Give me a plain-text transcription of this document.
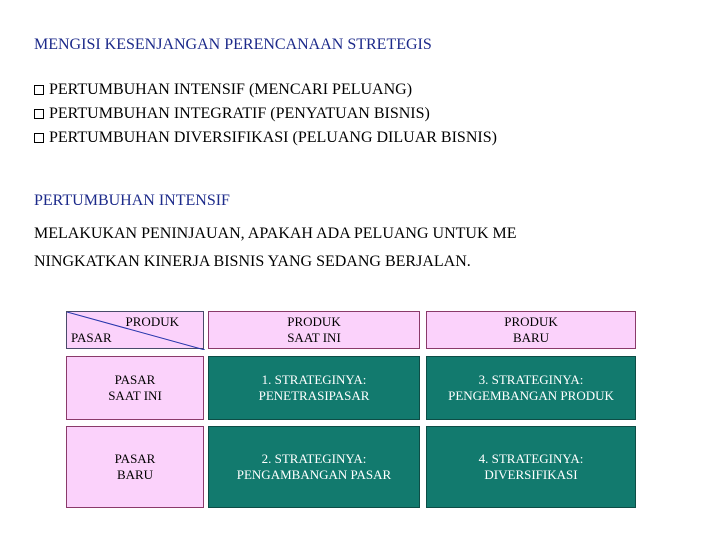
MENGISI KESENJANGAN PERENCANAAN STRETEGIS
PERTUMBUHAN INTENSIF (MENCARI PELUANG)
PERTUMBUHAN INTEGRATIF (PENYATUAN BISNIS)
PERTUMBUHAN DIVERSIFIKASI (PELUANG DILUAR BISNIS)
PERTUMBUHAN INTENSIF
MELAKUKAN PENINJAUAN, APAKAH ADA PELUANG UNTUK ME
NINGKATKAN KINERJA BISNIS YANG SEDANG BERJALAN.
PRODUK
PASAR
PRODUK
SAAT INI
PRODUK
BARU
PASAR
SAAT INI
1. STRATEGINYA:
PENETRASIPASAR
3. STRATEGINYA:
PENGEMBANGAN PRODUK
PASAR
BARU
2. STRATEGINYA:
PENGAMBANGAN PASAR
4. STRATEGINYA:
DIVERSIFIKASI
